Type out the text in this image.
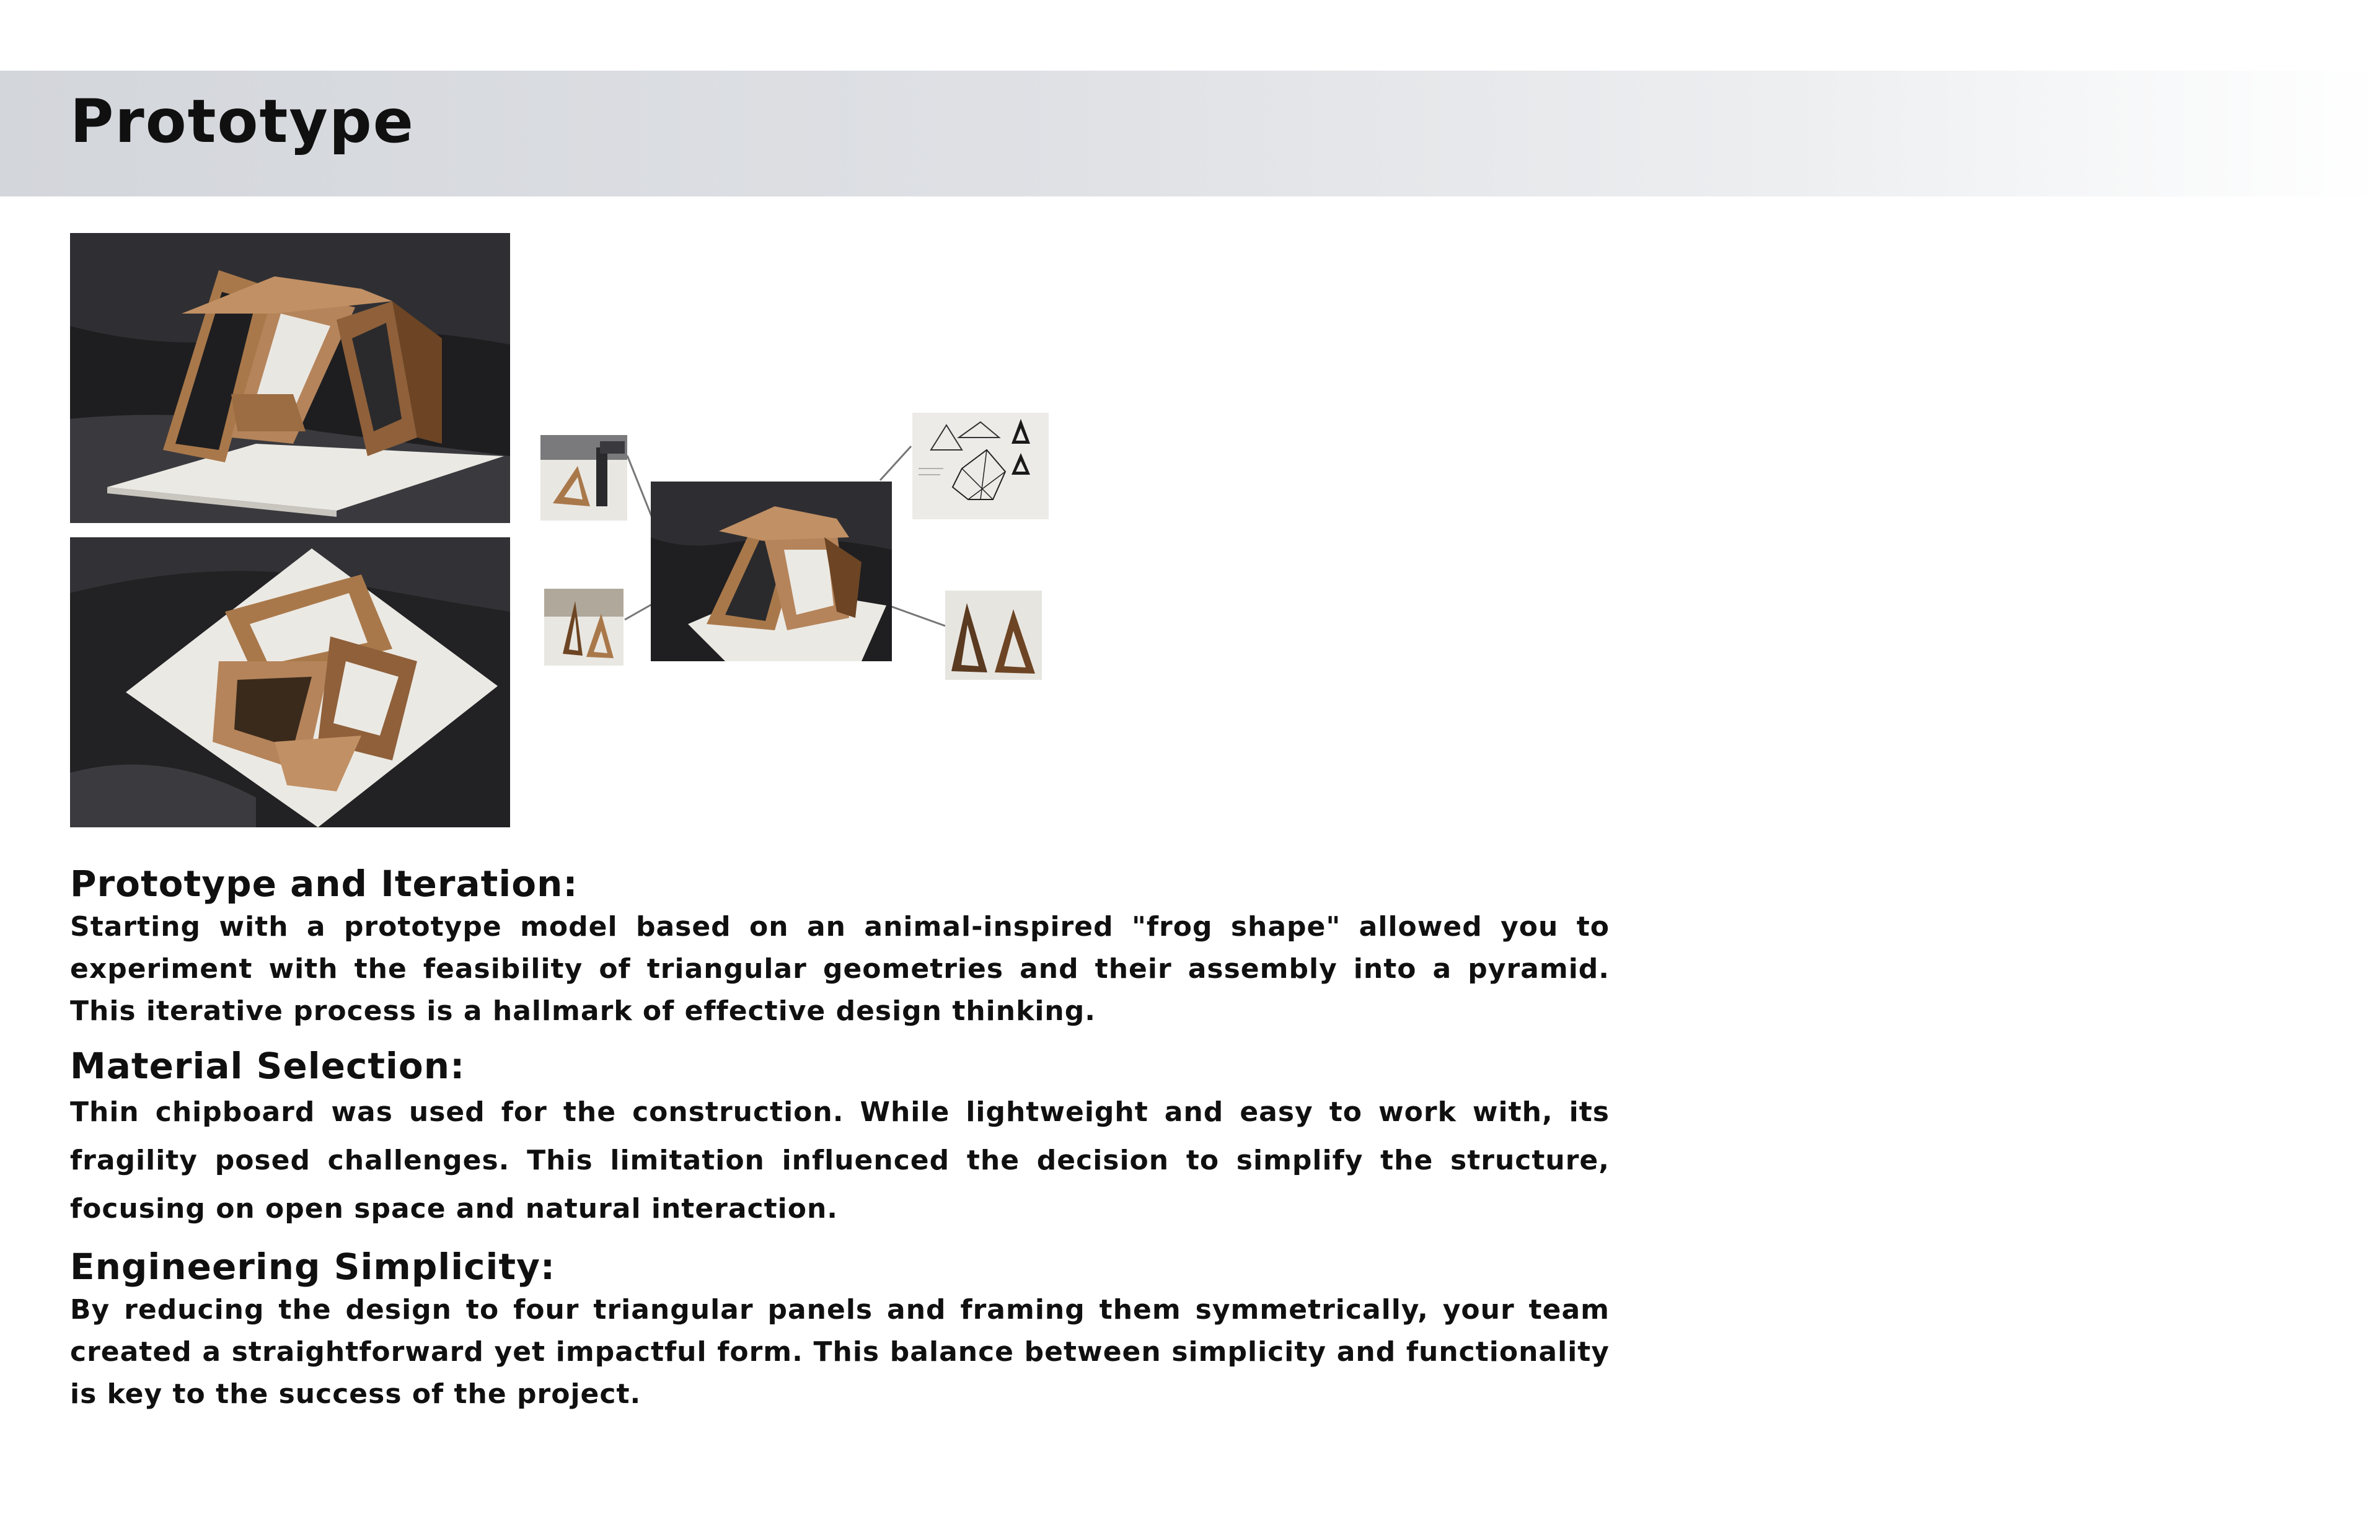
Prototype
Prototype and Iteration:

Starting with a prototype model based on an animal-inspired "frog shape" allowed you to experiment with the feasibility of triangular geometries and their assembly into a pyramid. This iterative process is a hallmark of effective design thinking.

Material Selection:

Thin chipboard was used for the construction. While lightweight and easy to work with, its fragility posed challenges. This limitation influenced the decision to simplify the structure, focusing on open space and natural interaction.

Engineering Simplicity:

By reducing the design to four triangular panels and framing them symmetrically, your team created a straightforward yet impactful form. This balance between simplicity and functionality is key to the success of the project.
